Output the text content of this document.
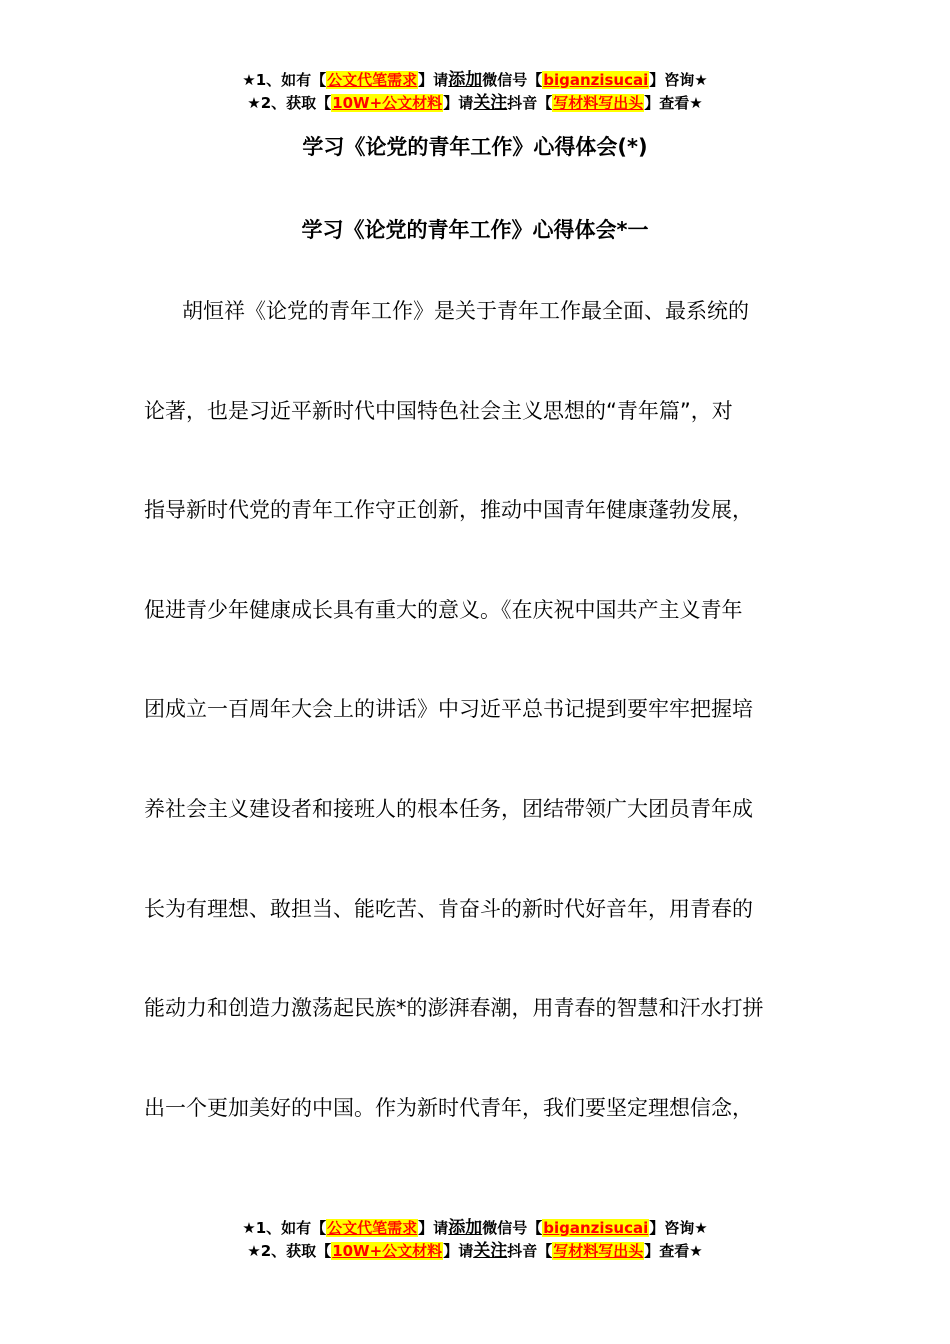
★1、如有【公文代笔需求】请添加微信号【biganzisucai】咨询★
★2、获取【10W+公文材料】请关注抖音【写材料写出头】查看★
学习《论党的青年工作》心得体会(*)
学习《论党的青年工作》心得体会*一
胡恒祥《论党的青年工作》是关于青年工作最全面、最系统的
论著，也是习近平新时代中国特色社会主义思想的“青年篇”，对
指导新时代党的青年工作守正创新，推动中国青年健康蓬勃发展，
促进青少年健康成长具有重大的意义。《在庆祝中国共产主义青年
团成立一百周年大会上的讲话》中习近平总书记提到要牢牢把握培
养社会主义建设者和接班人的根本任务，团结带领广大团员青年成
长为有理想、敢担当、能吃苦、肯奋斗的新时代好音年，用青春的
能动力和创造力激荡起民族*的澎湃春潮，用青春的智慧和汗水打拼
出一个更加美好的中国。作为新时代青年，我们要坚定理想信念，
★1、如有【公文代笔需求】请添加微信号【biganzisucai】咨询★
★2、获取【10W+公文材料】请关注抖音【写材料写出头】查看★
